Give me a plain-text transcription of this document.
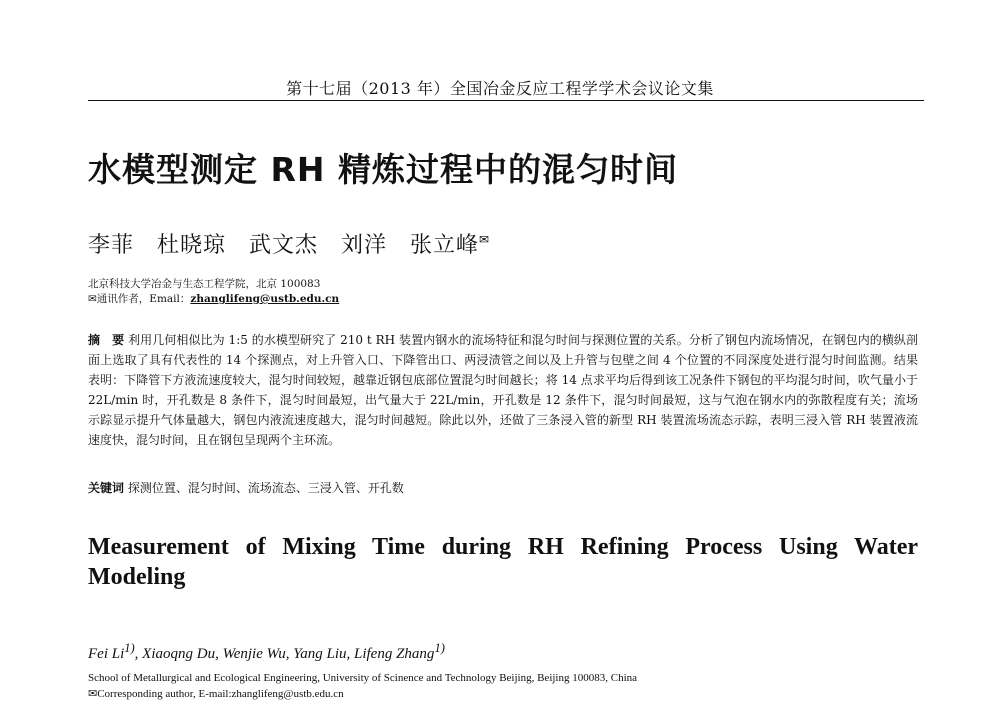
第十七届（2013 年）全国冶金反应工程学学术会议论文集
水模型测定 RH 精炼过程中的混匀时间
李菲　杜晓琼　武文杰　刘洋　张立峰✉
北京科技大学冶金与生态工程学院，北京 100083
✉通讯作者，Email：zhanglifeng@ustb.edu.cn
摘　要 利用几何相似比为 1:5 的水模型研究了 210 t RH 装置内钢水的流场特征和混匀时间与探测位置的关系。分析了钢包内流场情况，在钢包内的横纵剖面上选取了具有代表性的 14 个探测点，对上升管入口、下降管出口、两浸渍管之间以及上升管与包壁之间 4 个位置的不同深度处进行混匀时间监测。结果表明：下降管下方液流速度较大，混匀时间较短，越靠近钢包底部位置混匀时间越长；将 14 点求平均后得到该工况条件下钢包的平均混匀时间，吹气量小于 22L/min 时，开孔数是 8 条件下，混匀时间最短，出气量大于 22L/min，开孔数是 12 条件下，混匀时间最短，这与气泡在钢水内的弥散程度有关；流场示踪显示提升气体量越大，钢包内液流速度越大，混匀时间越短。除此以外，还做了三条浸入管的新型 RH 装置流场流态示踪，表明三浸入管 RH 装置液流速度快，混匀时间，且在钢包呈现两个主环流。
关键词 探测位置、混匀时间、流场流态、三浸入管、开孔数
Measurement of Mixing Time during RH Refining Process Using Water Modeling
Fei Li$^{1)}$, Xiaoqng Du, Wenjie Wu, Yang Liu, Lifeng Zhang$^{1)}$
School of Metallurgical and Ecological Engineering, University of Scinence and Technology Beijing, Beijing 100083, China
✉Corresponding author, E-mail:zhanglifeng@ustb.edu.cn
